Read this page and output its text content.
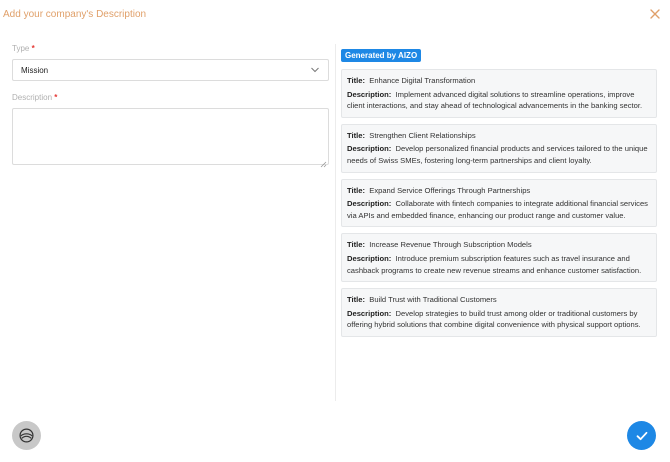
Add your company's Description
Type *
Mission
Description *
Generated by AIZO
Title: Enhance Digital Transformation
Description: Implement advanced digital solutions to streamline operations, improve client interactions, and stay ahead of technological advancements in the banking sector.
Title: Strengthen Client Relationships
Description: Develop personalized financial products and services tailored to the unique needs of Swiss SMEs, fostering long-term partnerships and client loyalty.
Title: Expand Service Offerings Through Partnerships
Description: Collaborate with fintech companies to integrate additional financial services via APIs and embedded finance, enhancing our product range and customer value.
Title: Increase Revenue Through Subscription Models
Description: Introduce premium subscription features such as travel insurance and cashback programs to create new revenue streams and enhance customer satisfaction.
Title: Build Trust with Traditional Customers
Description: Develop strategies to build trust among older or traditional customers by offering hybrid solutions that combine digital convenience with physical support options.
